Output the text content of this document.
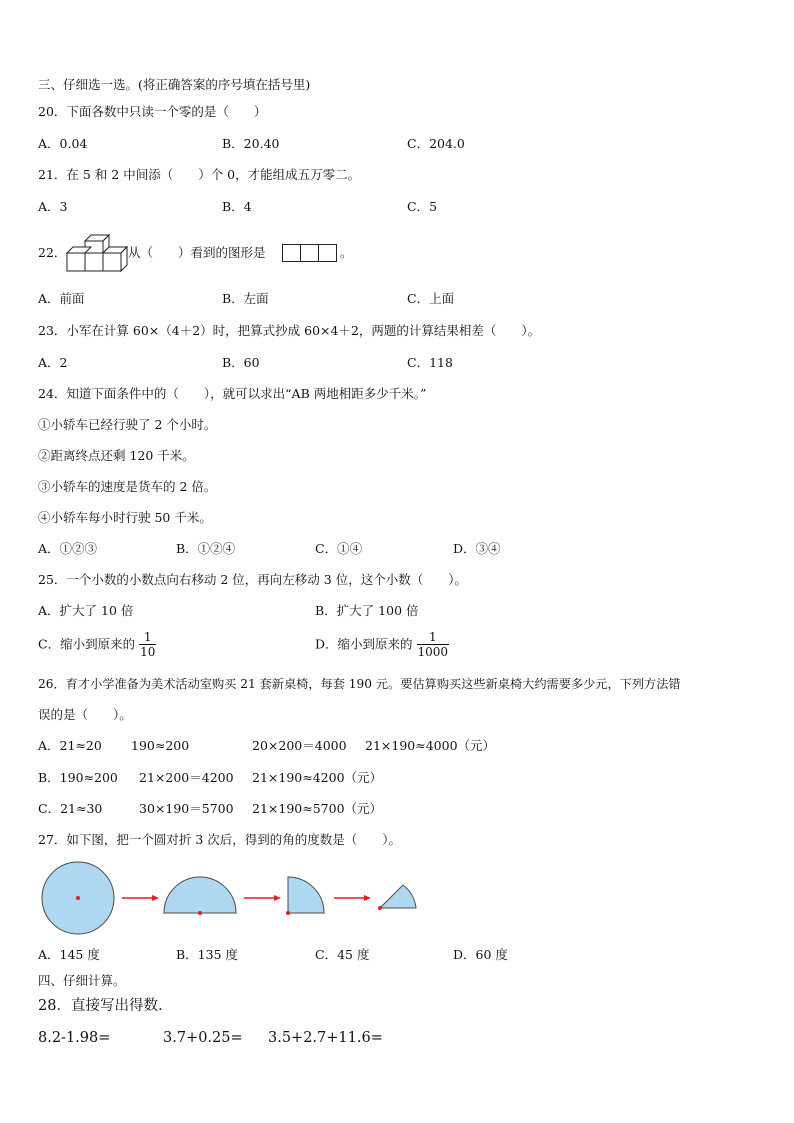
三、仔细选一选。(将正确答案的序号填在括号里)
20．下面各数中只读一个零的是（　　）
A．0.04	B．20.40	C．204.0
21．在 5 和 2 中间添（　　）个 0，才能组成五万零二。
A．3	B．4	C．5
22．	从（　　）看到的图形是	。
A．前面	B．左面	C．上面
23．小军在计算 60×（4＋2）时，把算式抄成 60×4＋2，两题的计算结果相差（　　）。
A．2	B．60	C．118
24．知道下面条件中的（　　），就可以求出“AB 两地相距多少千米。”
①小轿车已经行驶了 2 个小时。
②距离终点还剩 120 千米。
③小轿车的速度是货车的 2 倍。
④小轿车每小时行驶 50 千米。
A．①②③	B．①②④	C．①④	D．③④
25．一个小数的小数点向右移动 2 位，再向左移动 3 位，这个小数（　　）。
A．扩大了 10 倍	B．扩大了 100 倍
C．缩小到原来的 $\frac{1}{10}$	D．缩小到原来的 $\frac{1}{1000}$
26．育才小学准备为美术活动室购买 21 套新桌椅，每套 190 元。要估算购买这些新桌椅大约需要多少元，下列方法错
误的是（　　）。
A．21≈20 190≈200	20×200＝4000 21×190≈4000（元）
B．190≈200 21×200＝4200 21×190≈4200（元）
C．21≈30	30×190＝5700 21×190≈5700（元）
27．如下图，把一个圆对折 3 次后，得到的角的度数是（　　）。
A．145 度	B．135 度	C．45 度	D．60 度
四、仔细计算。
28．直接写出得数.
8.2-1.98=	3.7+0.25= 3.5+2.7+11.6=
